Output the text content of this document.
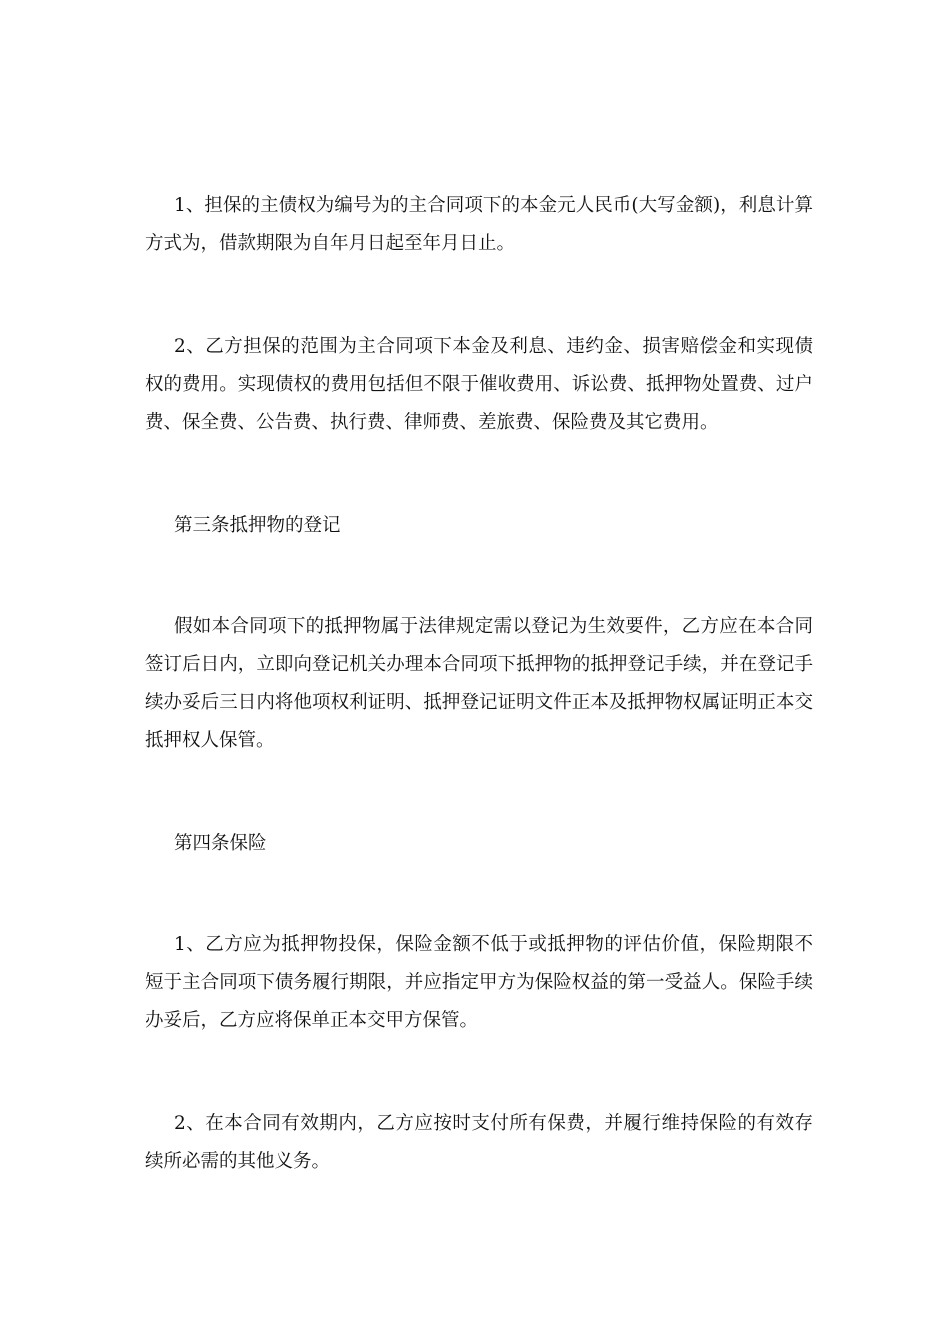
1、担保的主债权为编号为的主合同项下的本金元人民币(大写金额)，利息计算方式为，借款期限为自年月日起至年月日止。

2、乙方担保的范围为主合同项下本金及利息、违约金、损害赔偿金和实现债权的费用。实现债权的费用包括但不限于催收费用、诉讼费、抵押物处置费、过户费、保全费、公告费、执行费、律师费、差旅费、保险费及其它费用。

第三条抵押物的登记

假如本合同项下的抵押物属于法律规定需以登记为生效要件，乙方应在本合同签订后日内，立即向登记机关办理本合同项下抵押物的抵押登记手续，并在登记手续办妥后三日内将他项权利证明、抵押登记证明文件正本及抵押物权属证明正本交抵押权人保管。

第四条保险

1、乙方应为抵押物投保，保险金额不低于或抵押物的评估价值，保险期限不短于主合同项下债务履行期限，并应指定甲方为保险权益的第一受益人。保险手续办妥后，乙方应将保单正本交甲方保管。

2、在本合同有效期内，乙方应按时支付所有保费，并履行维持保险的有效存续所必需的其他义务。
